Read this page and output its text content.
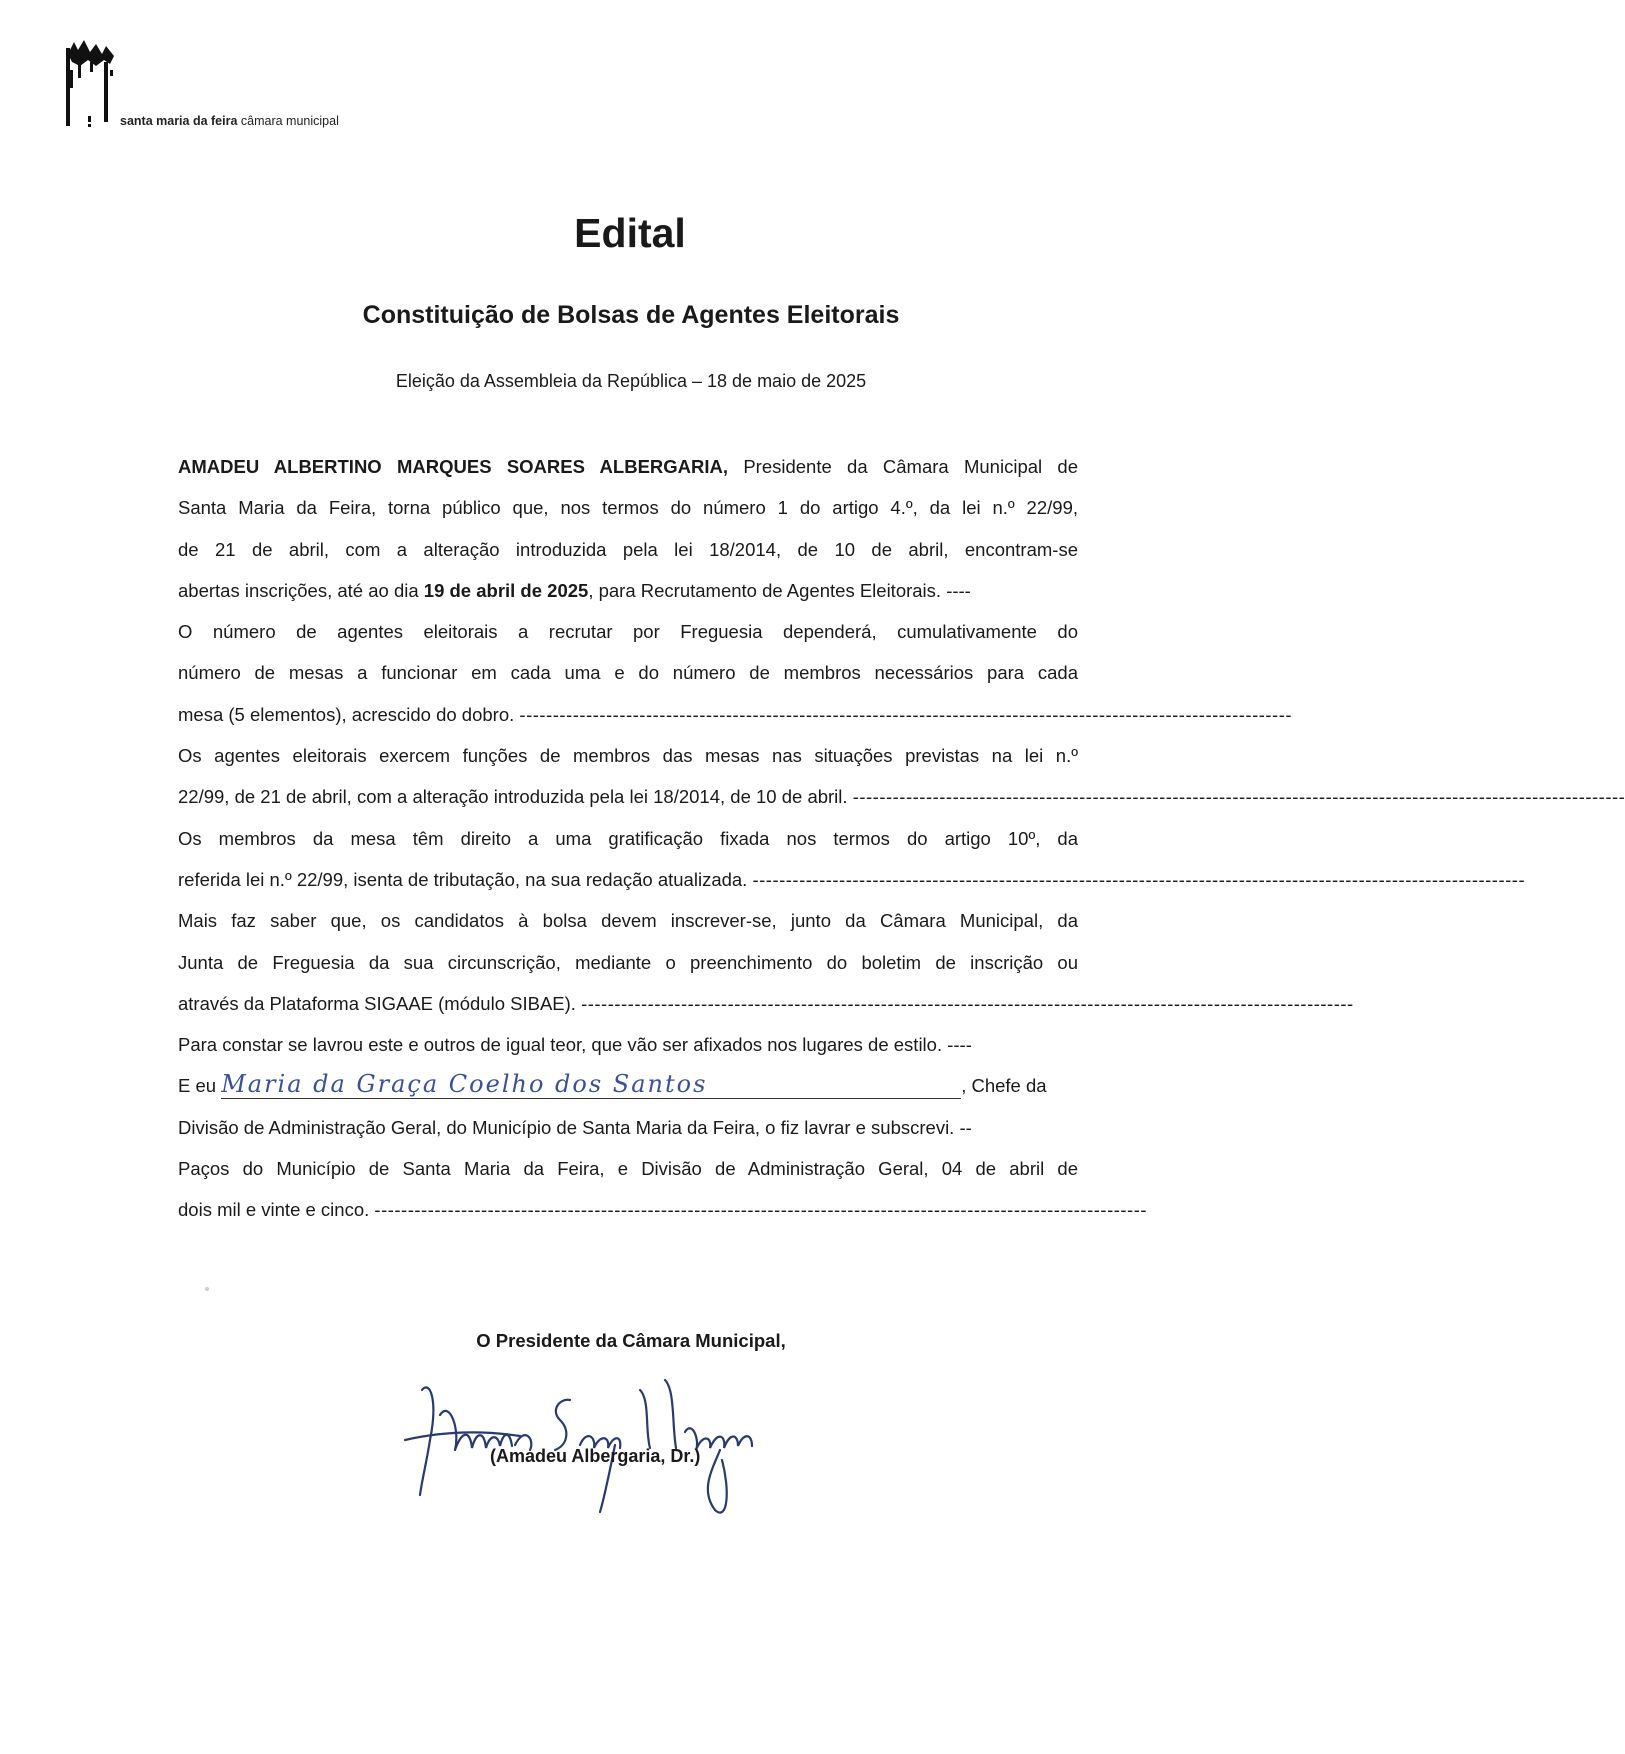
santa maria da feira câmara municipal
Edital
Constituição de Bolsas de Agentes Eleitorais

Eleição da Assembleia da República – 18 de maio de 2025

AMADEU ALBERTINO MARQUES SOARES ALBERGARIA, Presidente da Câmara Municipal de
Santa Maria da Feira, torna público que, nos termos do número 1 do artigo 4.º, da lei n.º 22/99,
de 21 de abril, com a alteração introduzida pela lei 18/2014, de 10 de abril, encontram-se
abertas inscrições, até ao dia 19 de abril de 2025, para Recrutamento de Agentes Eleitorais. ----
O número de agentes eleitorais a recrutar por Freguesia dependerá, cumulativamente do
número de mesas a funcionar em cada uma e do número de membros necessários para cada
mesa (5 elementos), acrescido do dobro. --------------------------------------------------------------------------------------------------------------------
Os agentes eleitorais exercem funções de membros das mesas nas situações previstas na lei n.º
22/99, de 21 de abril, com a alteração introduzida pela lei 18/2014, de 10 de abril. --------------------------------------------------------------------------------------------------------------------
Os membros da mesa têm direito a uma gratificação fixada nos termos do artigo 10º, da
referida lei n.º 22/99, isenta de tributação, na sua redação atualizada. --------------------------------------------------------------------------------------------------------------------
Mais faz saber que, os candidatos à bolsa devem inscrever-se, junto da Câmara Municipal, da
Junta de Freguesia da sua circunscrição, mediante o preenchimento do boletim de inscrição ou
através da Plataforma SIGAAE (módulo SIBAE). --------------------------------------------------------------------------------------------------------------------
Para constar se lavrou este e outros de igual teor, que vão ser afixados nos lugares de estilo. ----
E eu Maria da Graça Coelho dos Santos	, Chefe da
Divisão de Administração Geral, do Município de Santa Maria da Feira, o fiz lavrar e subscrevi. --
Paços do Município de Santa Maria da Feira, e Divisão de Administração Geral, 04 de abril de
dois mil e vinte e cinco. --------------------------------------------------------------------------------------------------------------------

O Presidente da Câmara Municipal,

(Amadeu Albergaria, Dr.)
